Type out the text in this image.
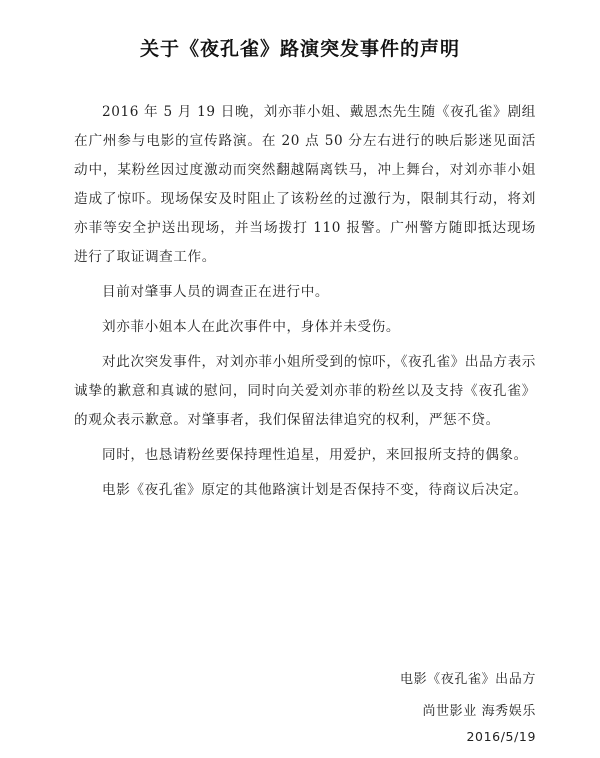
关于《夜孔雀》路演突发事件的声明

2016 年 5 月 19 日晚，刘亦菲小姐、戴恩杰先生随《夜孔雀》剧组在广州参与电影的宣传路演。在 20 点 50 分左右进行的映后影迷见面活动中，某粉丝因过度激动而突然翻越隔离铁马，冲上舞台，对刘亦菲小姐造成了惊吓。现场保安及时阻止了该粉丝的过激行为，限制其行动，将刘亦菲等安全护送出现场，并当场拨打 110 报警。广州警方随即抵达现场进行了取证调查工作。

目前对肇事人员的调查正在进行中。

刘亦菲小姐本人在此次事件中，身体并未受伤。

对此次突发事件，对刘亦菲小姐所受到的惊吓，《夜孔雀》出品方表示诚挚的歉意和真诚的慰问，同时向关爱刘亦菲的粉丝以及支持《夜孔雀》的观众表示歉意。对肇事者，我们保留法律追究的权利，严惩不贷。

同时，也恳请粉丝要保持理性追星，用爱护，来回报所支持的偶象。

电影《夜孔雀》原定的其他路演计划是否保持不变，待商议后决定。

电影《夜孔雀》出品方
尚世影业 海秀娱乐
2016/5/19
